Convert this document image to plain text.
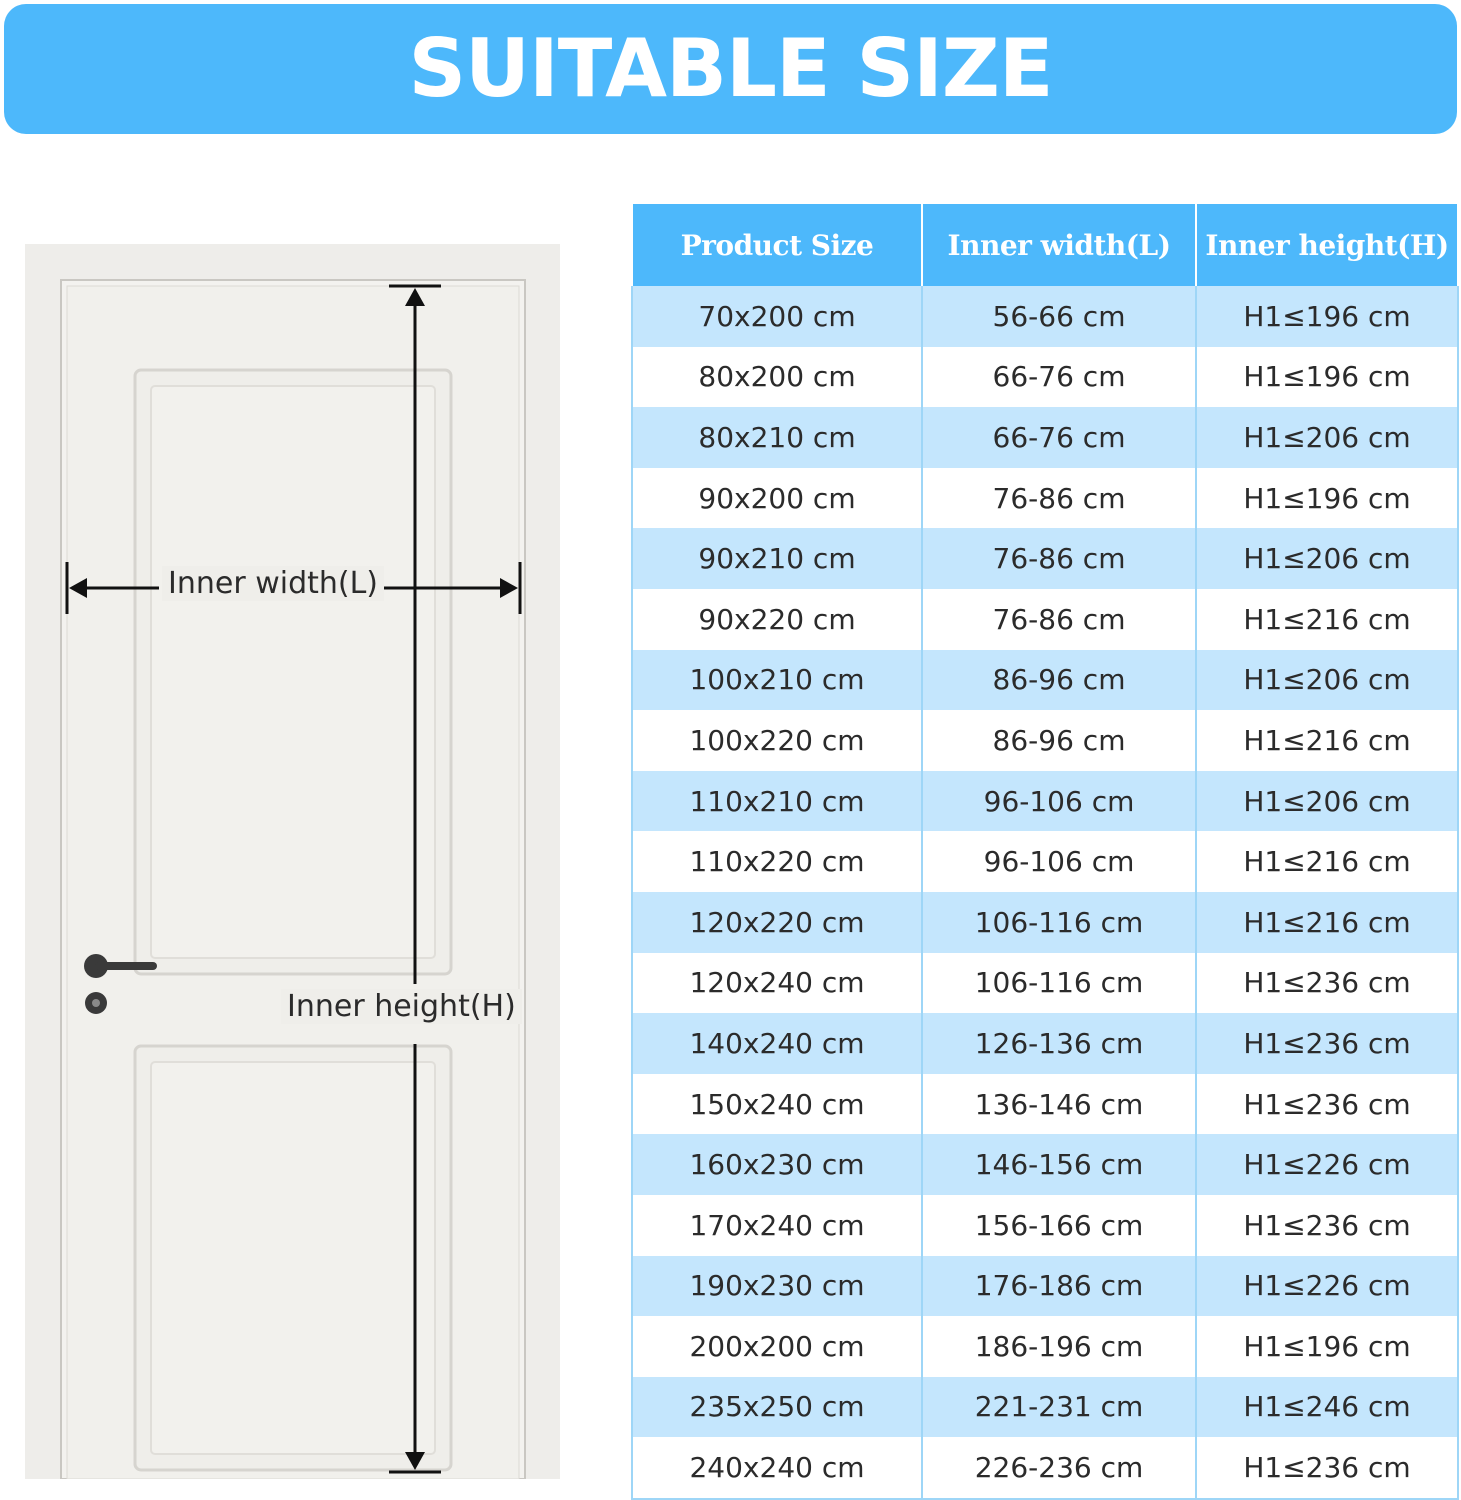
SUITABLE SIZE
Inner width(L)
Inner height(H)
Product Size	Inner width(L)	Inner height(H)
70x200 cm	56-66 cm	H1≤196 cm
80x200 cm	66-76 cm	H1≤196 cm
80x210 cm	66-76 cm	H1≤206 cm
90x200 cm	76-86 cm	H1≤196 cm
90x210 cm	76-86 cm	H1≤206 cm
90x220 cm	76-86 cm	H1≤216 cm
100x210 cm	86-96 cm	H1≤206 cm
100x220 cm	86-96 cm	H1≤216 cm
110x210 cm	96-106 cm	H1≤206 cm
110x220 cm	96-106 cm	H1≤216 cm
120x220 cm	106-116 cm	H1≤216 cm
120x240 cm	106-116 cm	H1≤236 cm
140x240 cm	126-136 cm	H1≤236 cm
150x240 cm	136-146 cm	H1≤236 cm
160x230 cm	146-156 cm	H1≤226 cm
170x240 cm	156-166 cm	H1≤236 cm
190x230 cm	176-186 cm	H1≤226 cm
200x200 cm	186-196 cm	H1≤196 cm
235x250 cm	221-231 cm	H1≤246 cm
240x240 cm	226-236 cm	H1≤236 cm
